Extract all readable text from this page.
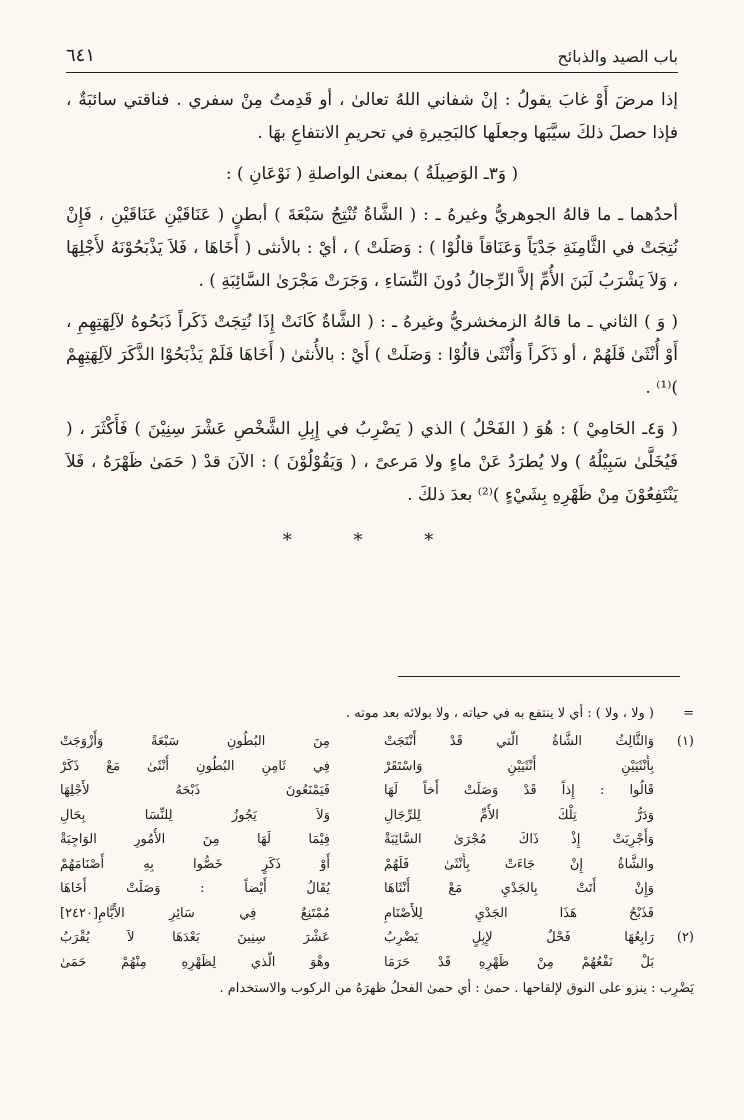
٦٤١	باب الصيد والذبائح

إذا مرضَ أَوْ غابَ يقولُ : إنْ شفاني اللهُ تعالىٰ ، أو قَدِمتُ مِنْ سفري . فناقتي سائبَةٌ ، فإذا حصلَ ذلكَ سيَّبَها وجعلَها كالبَحِيرةِ في تحريمِ الانتفاعِ بهَا .

( وَ٣ـ الوَصِيلَةُ ) بمعنىٰ الواصلةِ ( نَوْعَانِ ) :

أحدُهما ـ ما قالهُ الجوهريُّ وغيرهُ ـ : ( الشَّاةُ تُنْتِجُ سَبْعَةَ ) أبطنٍ ( عَنَاقَيْنِ عَنَاقَيْنِ ، فَإِنْ نُتِجَتْ في الثَّامِنَةِ جَدْيَاً وَعَنَاقاً قالُوْا ) : وَصَلَتْ ) ، أيْ : بالأنثى ( أَخَاهَا ، فَلاَ يَذْبَحُوْنَهُ لأَجْلِهَا ، وَلاَ يَشْرَبُ لَبَنَ الأُمِّ إلاَّ الرِّجالُ دُونَ النِّسَاءِ ، وَجَرَتْ مَجْرَىٰ السَّائِبَةِ ) .

( وَ ) الثاني ـ ما قالهُ الزمخشريُّ وغيرهُ ـ : ( الشَّاةُ كَانَتْ إِذَا نُتِجَتْ ذَكَراً ذَبَحُوهُ لآلِهَتِهِمِ ، أَوْ أُنْثَىٰ فَلَهُمْ ، أو ذَكَراً وَأُنْثَىٰ قالُوْا : وَصَلَتْ ) أَيْ : بالأُنثىٰ ( أَخَاهَا فَلَمْ يَذْبَحُوْا الذَّكَرَ لآلِهَتِهِمْ )⁽¹⁾ .

( وَ٤ـ الحَامِيْ ) : هُوَ ( الفَحْلُ ) الذي ( يَضْرِبُ في إِبِلِ الشَّخْصِ عَشْرَ سِنِيْنَ ) فَأَكْثَرَ ، ( فَيُخَلَّىٰ سَبِيْلُهُ ) ولا يُطرَدُ عَنْ ماءٍ ولا مَرعىً ، ( وَيَقُوْلُوْنَ ) : الآنَ قدْ ( حَمَىٰ ظَهْرَهُ ، فَلاَ يَنْتَفِعُوْنَ مِنْ ظَهْرِهِ بِشَيْءٍ )⁽²⁾ بعدَ ذلكَ .

* * *
=
( ولا ، ولا ) : أي لا ينتفع به في حياته ، ولا بولائه بعد موته .
(١)
وَالثَّالِثُ الشَّاةُ الَّتي قَدْ أَنْتَجَتْ
مِنَ البُطُونِ سَبْعَةً وَأَزْوَجَتْ
بِأُنْثَيَيْنِ أُنْثَيَيْنِ وَاسْتَقَرْ
فِي ثَامِنِ البُطُونِ أُنْثَىٰ مَعْ ذَكَرْ
قَالُوا : إِذاً قَدْ وَصَلَتْ أَخاً لَهَا
فَيَمْنَعُونَ ذَبْحَهُ لأَجْلِهَا
وَدَرُّ تِلْكَ الأُمِّ لِلرِّجَالِ
وَلاَ يَجُوزُ لِلنِّسَا بِحَالِ
وَأُجْرِيَتْ إِذْ ذَاكَ مُجْرَىٰ السَّائِبَةْ
فِيْمَا لَهَا مِنَ الأُمُورِ الوَاجِبَةْ
والشَّاةُ إِنْ جَاءَتْ بِأُنْثَىٰ فَلَهُمْ
أَوْ ذَكَرٍ خَصُّوا بِهِ أَصْنَامَهُمْ
وَإِنْ أَتَتْ بِالجَدْيِ مَعْ أُنْثَاهَا
يُقَالُ أَيْضاً : وَصَلَتْ أَخَاهَا
فَذَبْحُ هَذَا الجَدْيِ لِلأَصْنَامِ
مُمْتَنِعٌ فِي سَائِرِ الأَيَّامِ[٢٤٢٠]
(٢)
رَابِعُهَا فَحْلٌ لإِبِلٍ يَضْرِبُ
عَشْرَ سِنِينَ بَعْدَهَا لاَ يُقْرَبُ
بَلْ نَفْعُهُمْ مِنْ ظَهْرِهِ قَدْ حَرَمَا
وهْوَ الَّذي لِظَهْرِهِ مِنْهُمْ حَمَىٰ
يَضْرِب : ينزو على النوق لإلقاحها . حمىٰ : أي حمىٰ الفحلُ ظهرَهُ من الركوب والاستخدام .
